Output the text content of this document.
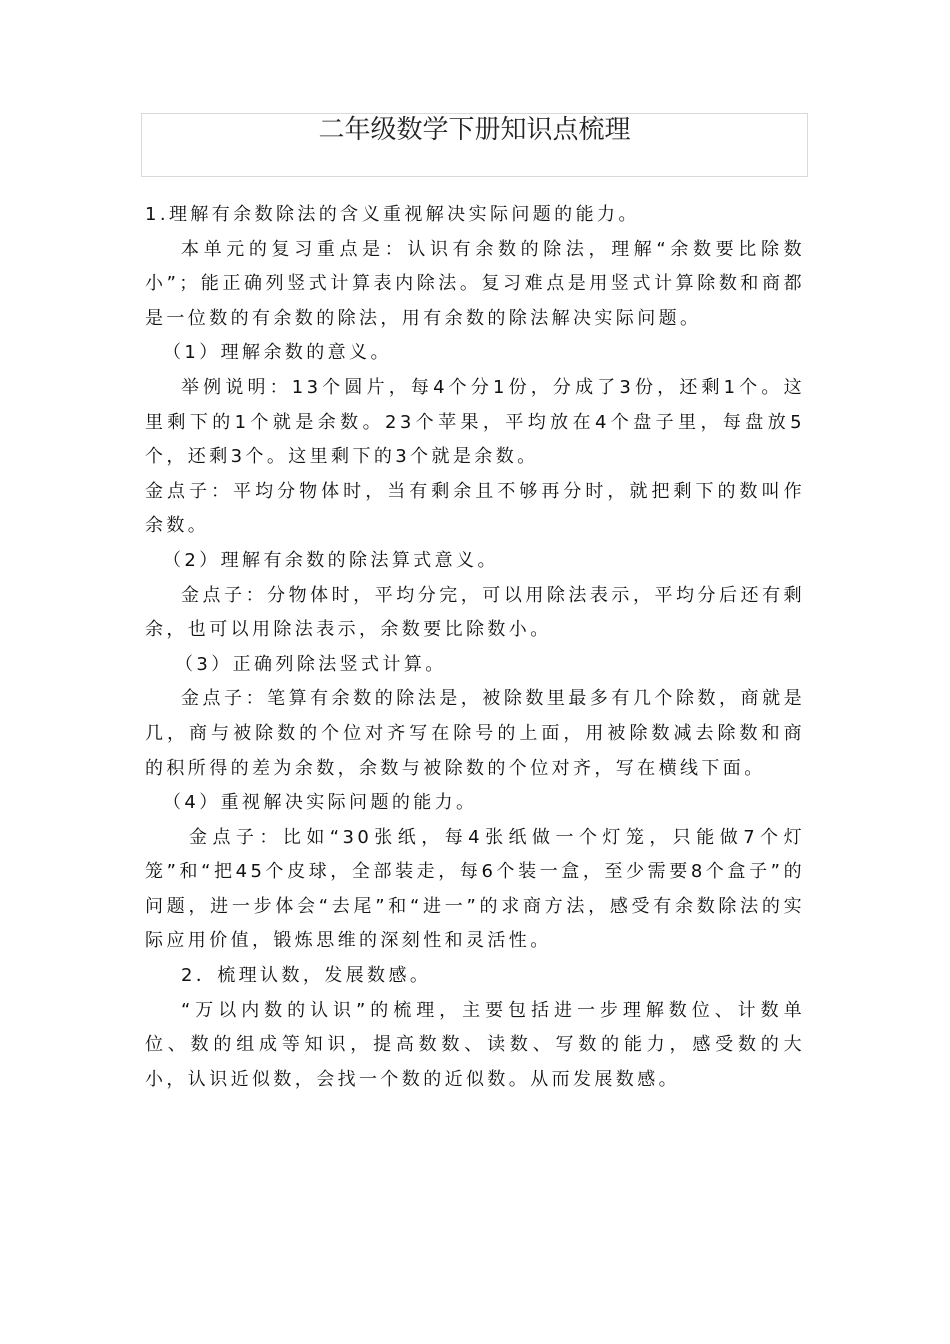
二年级数学下册知识点梳理

1.理解有余数除法的含义重视解决实际问题的能力。

本单元的复习重点是：认识有余数的除法，理解“余数要比除数小”；能正确列竖式计算表内除法。复习难点是用竖式计算除数和商都是一位数的有余数的除法，用有余数的除法解决实际问题。

（1）理解余数的意义。

举例说明：13个圆片，每4个分1份，分成了3份，还剩1个。这里剩下的1个就是余数。23个苹果，平均放在4个盘子里，每盘放5个，还剩3个。这里剩下的3个就是余数。

金点子：平均分物体时，当有剩余且不够再分时，就把剩下的数叫作余数。

（2）理解有余数的除法算式意义。

金点子：分物体时，平均分完，可以用除法表示，平均分后还有剩余，也可以用除法表示，余数要比除数小。

（3）正确列除法竖式计算。

金点子：笔算有余数的除法是，被除数里最多有几个除数，商就是几，商与被除数的个位对齐写在除号的上面，用被除数减去除数和商的积所得的差为余数，余数与被除数的个位对齐，写在横线下面。

（4）重视解决实际问题的能力。

金点子：比如“30张纸，每4张纸做一个灯笼，只能做7个灯笼”和“把45个皮球，全部装走，每6个装一盒，至少需要8个盒子”的问题，进一步体会“去尾”和“进一”的求商方法，感受有余数除法的实际应用价值，锻炼思维的深刻性和灵活性。

2．梳理认数，发展数感。

“万以内数的认识”的梳理，主要包括进一步理解数位、计数单位、数的组成等知识，提高数数、读数、写数的能力，感受数的大小，认识近似数，会找一个数的近似数。从而发展数感。
